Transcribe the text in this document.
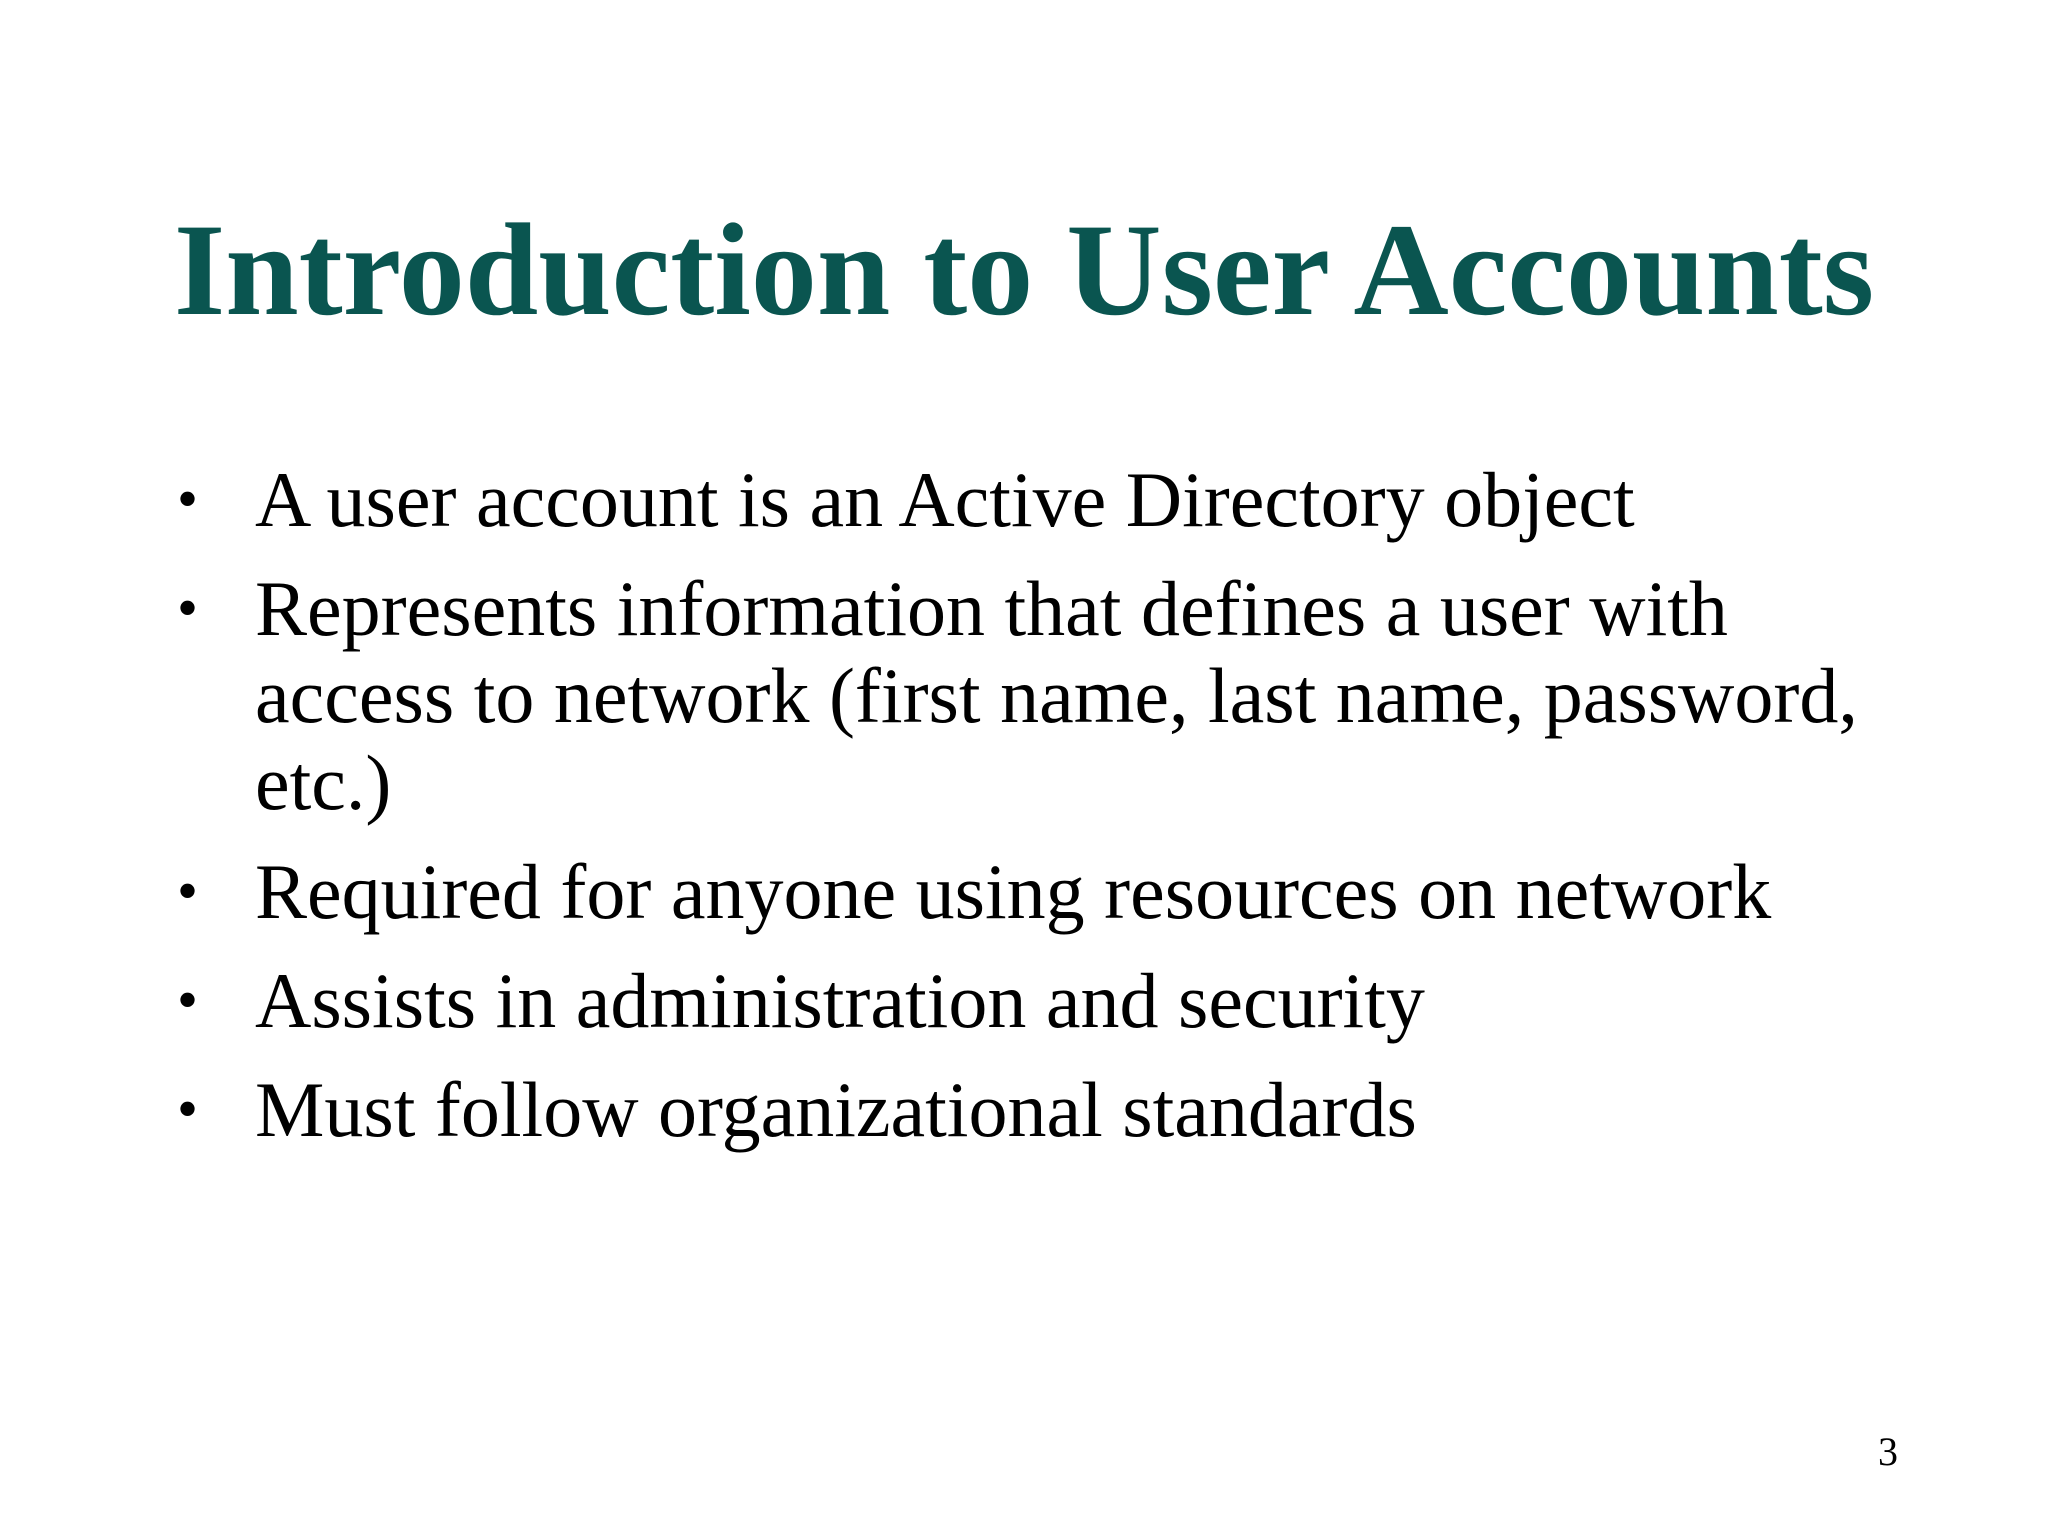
Introduction to User Accounts
• A user account is an Active Directory object
• Represents information that defines a user with access to network (first name, last name, password, etc.)
• Required for anyone using resources on network
• Assists in administration and security
• Must follow organizational standards
3
